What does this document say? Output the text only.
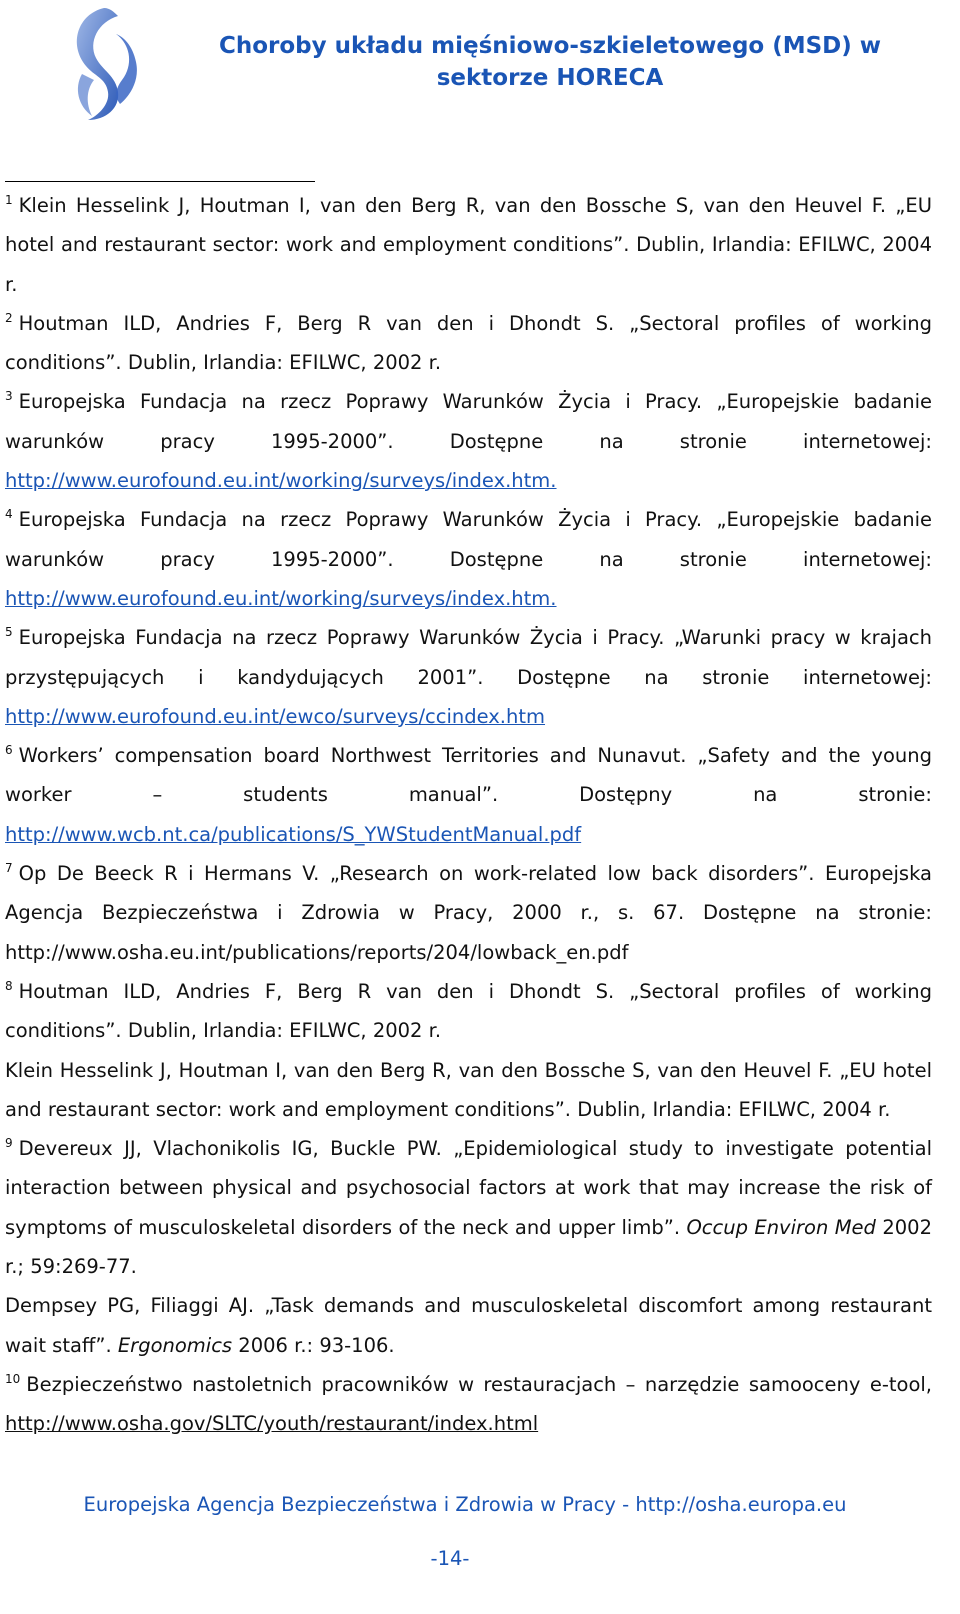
Choroby układu mięśniowo-szkieletowego (MSD) w
sektorze HORECA

$^1$ Klein Hesselink J, Houtman I, van den Berg R, van den Bossche S, van den Heuvel F. „EU hotel and restaurant sector: work and employment conditions”. Dublin, Irlandia: EFILWC, 2004 r.

$^2$ Houtman ILD, Andries F, Berg R van den i Dhondt S. „Sectoral profiles of working conditions”. Dublin, Irlandia: EFILWC, 2002 r.

$^3$ Europejska Fundacja na rzecz Poprawy Warunków Życia i Pracy. „Europejskie badanie warunków pracy 1995-2000”. Dostępne na stronie internetowej: http://www.eurofound.eu.int/working/surveys/index.htm.

$^4$ Europejska Fundacja na rzecz Poprawy Warunków Życia i Pracy. „Europejskie badanie warunków pracy 1995-2000”. Dostępne na stronie internetowej: http://www.eurofound.eu.int/working/surveys/index.htm.

$^5$ Europejska Fundacja na rzecz Poprawy Warunków Życia i Pracy. „Warunki pracy w krajach przystępujących i kandydujących 2001”. Dostępne na stronie internetowej: http://www.eurofound.eu.int/ewco/surveys/ccindex.htm

$^6$ Workers’ compensation board Northwest Territories and Nunavut. „Safety and the young worker – students manual”. Dostępny na stronie: http://www.wcb.nt.ca/publications/S_YWStudentManual.pdf

$^7$ Op De Beeck R i Hermans V. „Research on work-related low back disorders”. Europejska Agencja Bezpieczeństwa i Zdrowia w Pracy, 2000 r., s. 67. Dostępne na stronie: http://www.osha.eu.int/publications/reports/204/lowback_en.pdf

$^8$ Houtman ILD, Andries F, Berg R van den i Dhondt S. „Sectoral profiles of working conditions”. Dublin, Irlandia: EFILWC, 2002 r.

Klein Hesselink J, Houtman I, van den Berg R, van den Bossche S, van den Heuvel F. „EU hotel and restaurant sector: work and employment conditions”. Dublin, Irlandia: EFILWC, 2004 r.

$^9$ Devereux JJ, Vlachonikolis IG, Buckle PW. „Epidemiological study to investigate potential interaction between physical and psychosocial factors at work that may increase the risk of symptoms of musculoskeletal disorders of the neck and upper limb”. Occup Environ Med 2002 r.; 59:269-77.

Dempsey PG, Filiaggi AJ. „Task demands and musculoskeletal discomfort among restaurant wait staff”. Ergonomics 2006 r.: 93-106.

$^{10}$ Bezpieczeństwo nastoletnich pracowników w restauracjach – narzędzie samooceny e-tool, http://www.osha.gov/SLTC/youth/restaurant/index.html

Europejska Agencja Bezpieczeństwa i Zdrowia w Pracy - http://osha.europa.eu
-14-
